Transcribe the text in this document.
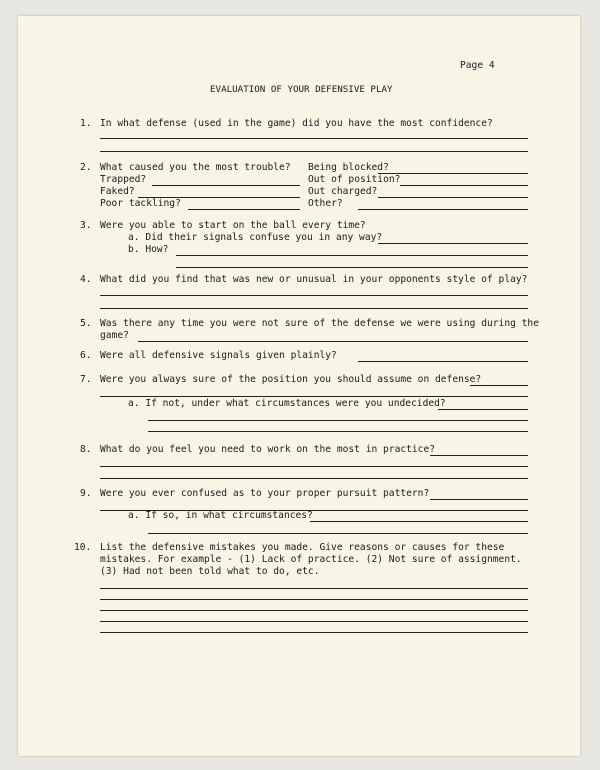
Page 4
EVALUATION OF YOUR DEFENSIVE PLAY
1. In what defense (used in the game) did you have the most confidence?
2. What caused you the most trouble? Being blocked?
Trapped?	Out of position?
Faked?	Out charged?
Poor tackling?	Other?
3. Were you able to start on the ball every time?
a. Did their signals confuse you in any way?
b. How?
4. What did you find that was new or unusual in your opponents style of play?
5. Was there any time you were not sure of the defense we were using during the
game?
6. Were all defensive signals given plainly?
7. Were you always sure of the position you should assume on defense?
a. If not, under what circumstances were you undecided?
8. What do you feel you need to work on the most in practice?
9. Were you ever confused as to your proper pursuit pattern?
a. If so, in what circumstances?
10. List the defensive mistakes you made. Give reasons or causes for these
mistakes. For example - (1) Lack of practice. (2) Not sure of assignment.
(3) Had not been told what to do, etc.
